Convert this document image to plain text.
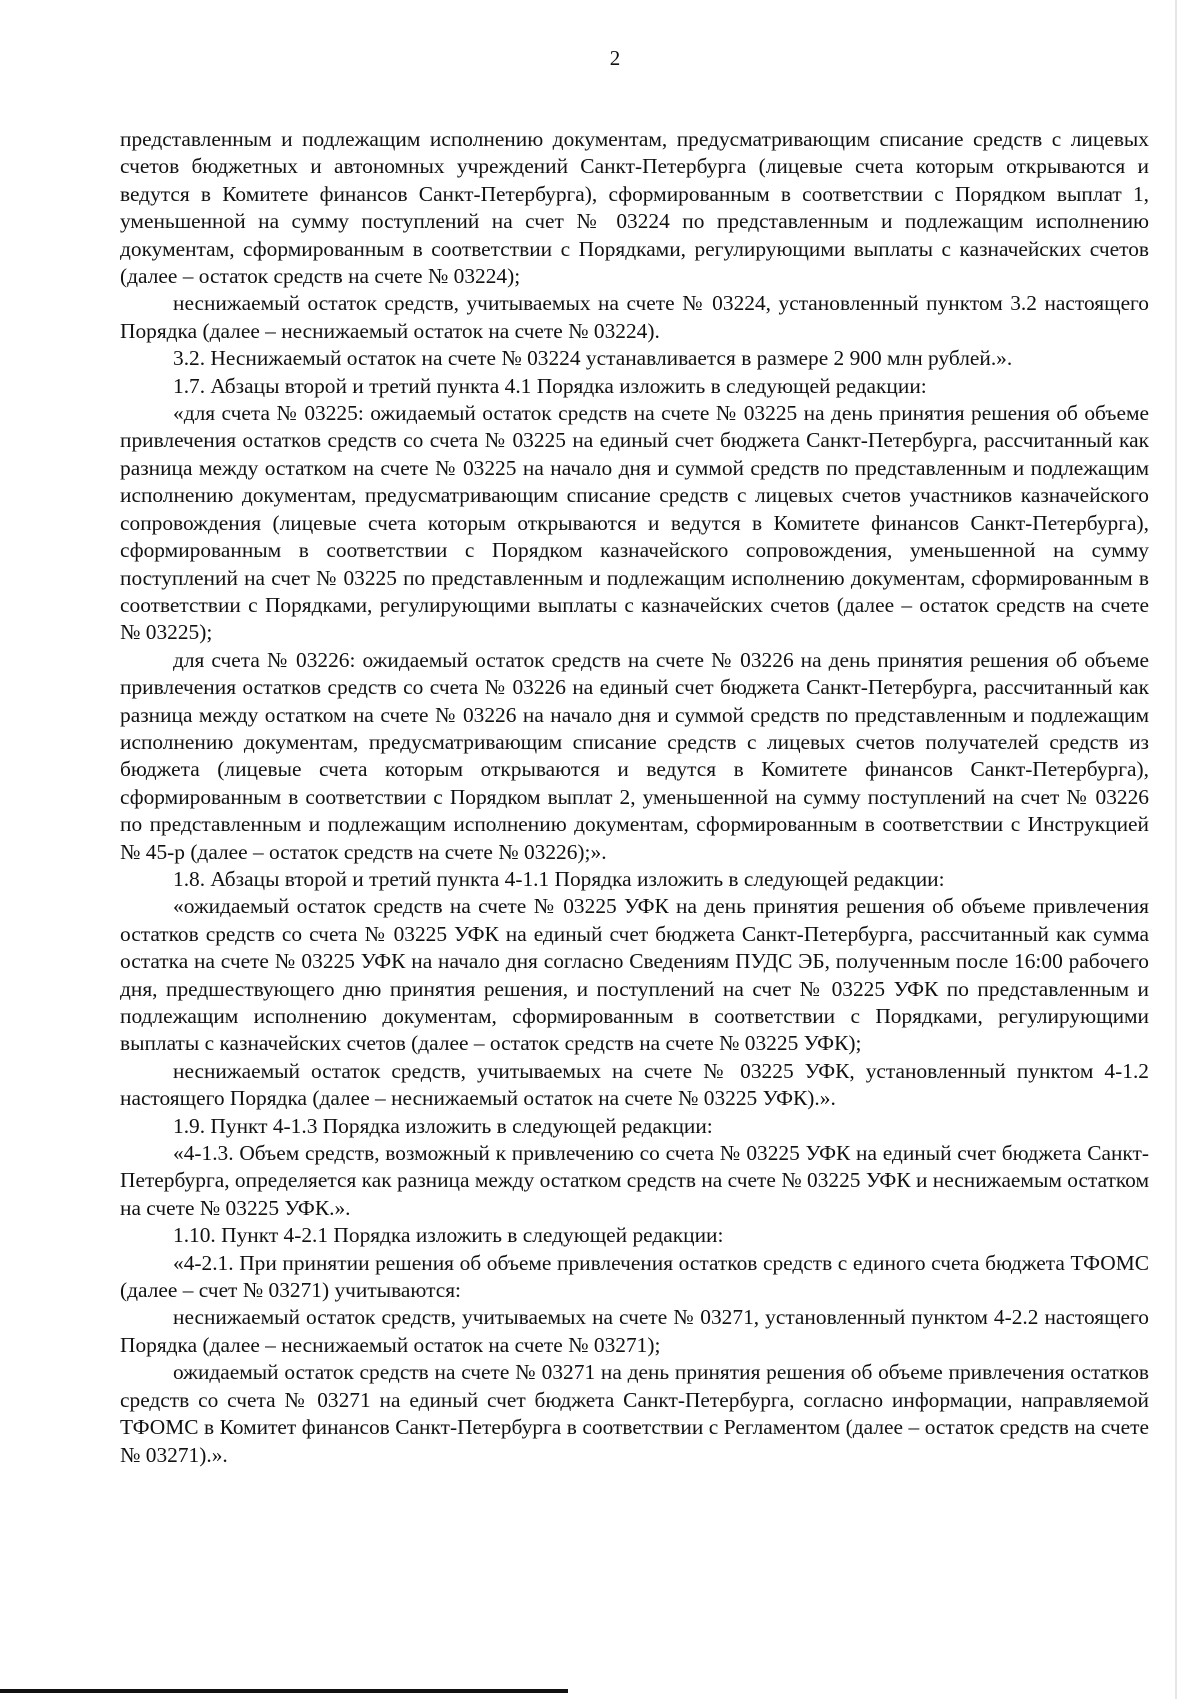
2

представленным и подлежащим исполнению документам, предусматривающим списание средств с лицевых счетов бюджетных и автономных учреждений Санкт-Петербурга (лицевые счета которым открываются и ведутся в Комитете финансов Санкт-Петербурга), сформированным в соответствии с Порядком выплат 1, уменьшенной на сумму поступлений на счет № 03224 по представленным и подлежащим исполнению документам, сформированным в соответствии с Порядками, регулирующими выплаты с казначейских счетов (далее – остаток средств на счете № 03224);

неснижаемый остаток средств, учитываемых на счете № 03224, установленный пунктом 3.2 настоящего Порядка (далее – неснижаемый остаток на счете № 03224).

3.2. Неснижаемый остаток на счете № 03224 устанавливается в размере 2 900 млн рублей.».

1.7. Абзацы второй и третий пункта 4.1 Порядка изложить в следующей редакции:

«для счета № 03225: ожидаемый остаток средств на счете № 03225 на день принятия решения об объеме привлечения остатков средств со счета № 03225 на единый счет бюджета Санкт-Петербурга, рассчитанный как разница между остатком на счете № 03225 на начало дня и суммой средств по представленным и подлежащим исполнению документам, предусматривающим списание средств с лицевых счетов участников казначейского сопровождения (лицевые счета которым открываются и ведутся в Комитете финансов Санкт-Петербурга), сформированным в соответствии с Порядком казначейского сопровождения, уменьшенной на сумму поступлений на счет № 03225 по представленным и подлежащим исполнению документам, сформированным в соответствии с Порядками, регулирующими выплаты с казначейских счетов (далее – остаток средств на счете № 03225);

для счета № 03226: ожидаемый остаток средств на счете № 03226 на день принятия решения об объеме привлечения остатков средств со счета № 03226 на единый счет бюджета Санкт-Петербурга, рассчитанный как разница между остатком на счете № 03226 на начало дня и суммой средств по представленным и подлежащим исполнению документам, предусматривающим списание средств с лицевых счетов получателей средств из бюджета (лицевые счета которым открываются и ведутся в Комитете финансов Санкт-Петербурга), сформированным в соответствии с Порядком выплат 2, уменьшенной на сумму поступлений на счет № 03226 по представленным и подлежащим исполнению документам, сформированным в соответствии с Инструкцией № 45-р (далее – остаток средств на счете № 03226);».

1.8. Абзацы второй и третий пункта 4-1.1 Порядка изложить в следующей редакции:

«ожидаемый остаток средств на счете № 03225 УФК на день принятия решения об объеме привлечения остатков средств со счета № 03225 УФК на единый счет бюджета Санкт-Петербурга, рассчитанный как сумма остатка на счете № 03225 УФК на начало дня согласно Сведениям ПУДС ЭБ, полученным после 16:00 рабочего дня, предшествующего дню принятия решения, и поступлений на счет № 03225 УФК по представленным и подлежащим исполнению документам, сформированным в соответствии с Порядками, регулирующими выплаты с казначейских счетов (далее – остаток средств на счете № 03225 УФК);

неснижаемый остаток средств, учитываемых на счете № 03225 УФК, установленный пунктом 4-1.2 настоящего Порядка (далее – неснижаемый остаток на счете № 03225 УФК).».

1.9. Пункт 4-1.3 Порядка изложить в следующей редакции:

«4-1.3. Объем средств, возможный к привлечению со счета № 03225 УФК на единый счет бюджета Санкт-Петербурга, определяется как разница между остатком средств на счете № 03225 УФК и неснижаемым остатком на счете № 03225 УФК.».

1.10. Пункт 4-2.1 Порядка изложить в следующей редакции:

«4-2.1. При принятии решения об объеме привлечения остатков средств с единого счета бюджета ТФОМС (далее – счет № 03271) учитываются:

неснижаемый остаток средств, учитываемых на счете № 03271, установленный пунктом 4-2.2 настоящего Порядка (далее – неснижаемый остаток на счете № 03271);

ожидаемый остаток средств на счете № 03271 на день принятия решения об объеме привлечения остатков средств со счета № 03271 на единый счет бюджета Санкт-Петербурга, согласно информации, направляемой ТФОМС в Комитет финансов Санкт-Петербурга в соответствии с Регламентом (далее – остаток средств на счете № 03271).».
